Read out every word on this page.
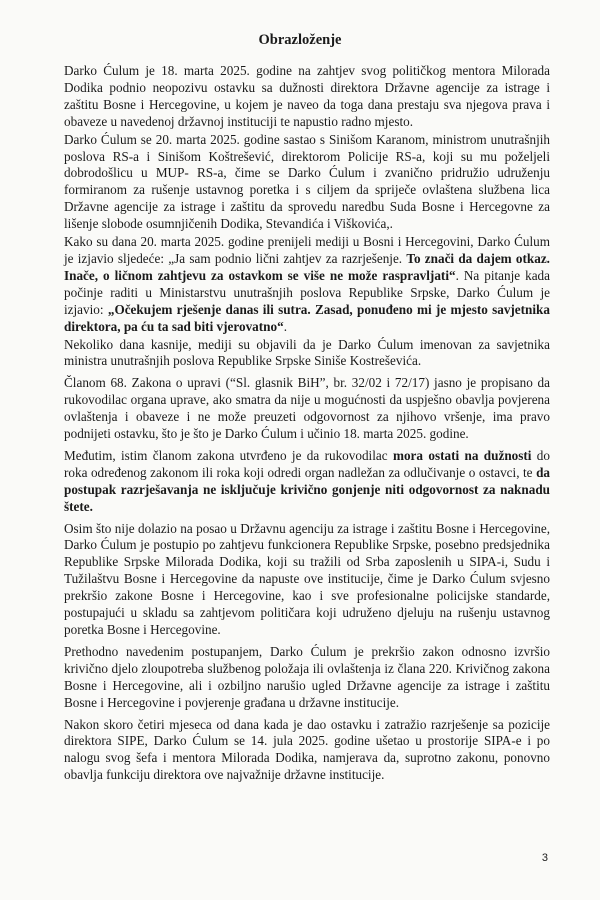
Obrazloženje

Darko Ćulum je 18. marta 2025. godine na zahtjev svog političkog mentora Milorada Dodika podnio neopozivu ostavku sa dužnosti direktora Državne agencije za istrage i zaštitu Bosne i Hercegovine, u kojem je naveo da toga dana prestaju sva njegova prava i obaveze u navedenoj državnoj instituciji te napustio radno mjesto.

Darko Ćulum se 20. marta 2025. godine sastao s Sinišom Karanom, ministrom unutrašnjih poslova RS-a i Sinišom Koštrešević, direktorom Policije RS-a, koji su mu poželjeli dobrodošlicu u MUP- RS-a, čime se Darko Ćulum i zvanično pridružio udruženju formiranom za rušenje ustavnog poretka i s ciljem da spriječe ovlaštena službena lica Državne agencije za istrage i zaštitu da sprovedu naredbu Suda Bosne i Hercegovne za lišenje slobode osumnjičenih Dodika, Stevandića i Viškovića,.

Kako su dana 20. marta 2025. godine prenijeli mediji u Bosni i Hercegovini, Darko Ćulum je izjavio sljedeće: „Ja sam podnio lični zahtjev za razrješenje. To znači da dajem otkaz. Inače, o ličnom zahtjevu za ostavkom se više ne može raspravljati“. Na pitanje kada počinje raditi u Ministarstvu unutrašnjih poslova Republike Srpske, Darko Ćulum je izjavio: „Očekujem rješenje danas ili sutra. Zasad, ponuđeno mi je mjesto savjetnika direktora, pa ću ta sad biti vjerovatno“.

Nekoliko dana kasnije, mediji su objavili da je Darko Ćulum imenovan za savjetnika ministra unutrašnjih poslova Republike Srpske Siniše Kostreševića.

Članom 68. Zakona o upravi (“Sl. glasnik BiH”, br. 32/02 i 72/17) jasno je propisano da rukovodilac organa uprave, ako smatra da nije u mogućnosti da uspješno obavlja povjerena ovlaštenja i obaveze i ne može preuzeti odgovornost za njihovo vršenje, ima pravo podnijeti ostavku, što je što je Darko Ćulum i učinio 18. marta 2025. godine.

Međutim, istim članom zakona utvrđeno je da rukovodilac mora ostati na dužnosti do roka određenog zakonom ili roka koji odredi organ nadležan za odlučivanje o ostavci, te da postupak razrješavanja ne isključuje krivično gonjenje niti odgovornost za naknadu štete.

Osim što nije dolazio na posao u Državnu agenciju za istrage i zaštitu Bosne i Hercegovine, Darko Ćulum je postupio po zahtjevu funkcionera Republike Srpske, posebno predsjednika Republike Srpske Milorada Dodika, koji su tražili od Srba zaposlenih u SIPA-i, Sudu i Tužilaštvu Bosne i Hercegovine da napuste ove institucije, čime je Darko Ćulum svjesno prekršio zakone Bosne i Hercegovine, kao i sve profesionalne policijske standarde, postupajući u skladu sa zahtjevom političara koji udruženo djeluju na rušenju ustavnog poretka Bosne i Hercegovine.

Prethodno navedenim postupanjem, Darko Ćulum je prekršio zakon odnosno izvršio krivično djelo zloupotreba službenog položaja ili ovlaštenja iz člana 220. Krivičnog zakona Bosne i Hercegovine, ali i ozbiljno narušio ugled Državne agencije za istrage i zaštitu Bosne i Hercegovine i povjerenje građana u državne institucije.

Nakon skoro četiri mjeseca od dana kada je dao ostavku i zatražio razrješenje sa pozicije direktora SIPE, Darko Ćulum se 14. jula 2025. godine ušetao u prostorije SIPA-e i po nalogu svog šefa i mentora Milorada Dodika, namjerava da, suprotno zakonu, ponovno obavlja funkciju direktora ove najvažnije državne institucije.

3
